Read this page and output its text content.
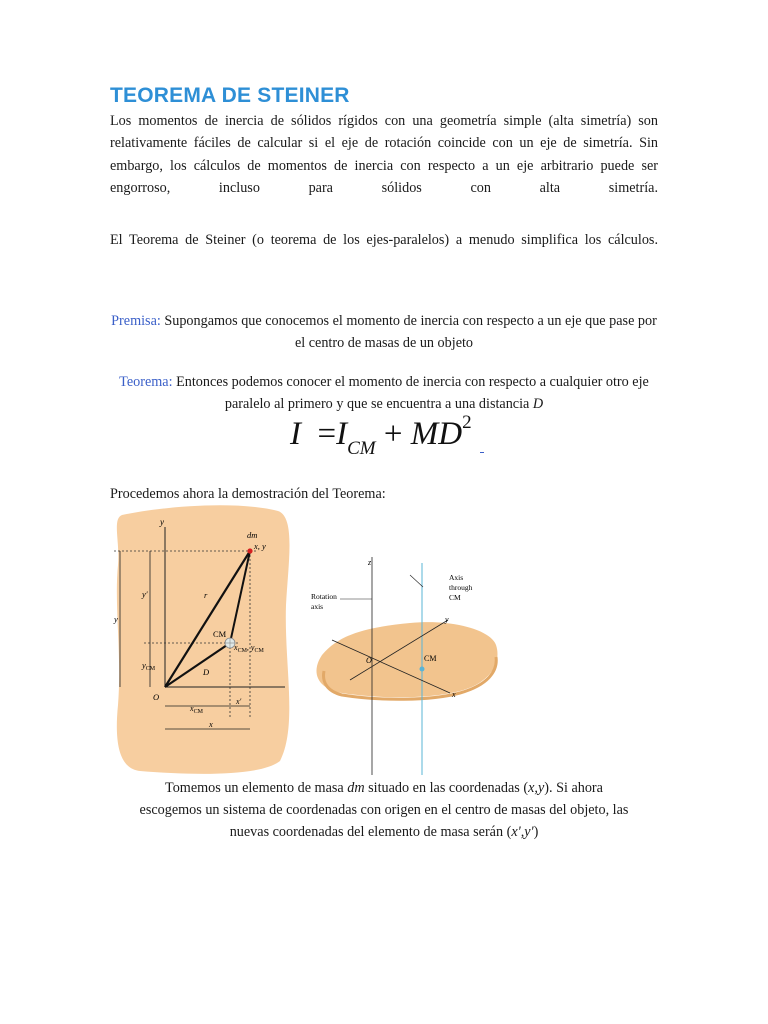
TEOREMA DE STEINER

Los momentos de inercia de sólidos rígidos con una geometría simple (alta simetría) son relativamente fáciles de calcular si el eje de rotación coincide con un eje de simetría. Sin embargo, los cálculos de momentos de inercia con respecto a un eje arbitrario puede ser engorroso, incluso para sólidos con alta simetría.

El Teorema de Steiner (o teorema de los ejes-paralelos) a menudo simplifica los cálculos.

Premisa: Supongamos que conocemos el momento de inercia con respecto a un eje que pase por el centro de masas de un objeto

Teorema: Entonces podemos conocer el momento de inercia con respecto a cualquier otro eje paralelo al primero y que se encuentra a una distancia D

$I =I_{CM} + MD^2$

Procedemos ahora la demostración del Teorema:

y
dm
x, y
y′	r
CM
$x_{CM}$, $y_{CM}$
y
$y_{CM}$	D
O
$x_{CM}$
x′
x
z
Rotation
axis
Axis
through
CM
y
O	CM
x

Tomemos un elemento de masa dm situado en las coordenadas (x,y). Si ahora

escogemos un sistema de coordenadas con origen en el centro de masas del objeto, las

nuevas coordenadas del elemento de masa serán (x',y')
